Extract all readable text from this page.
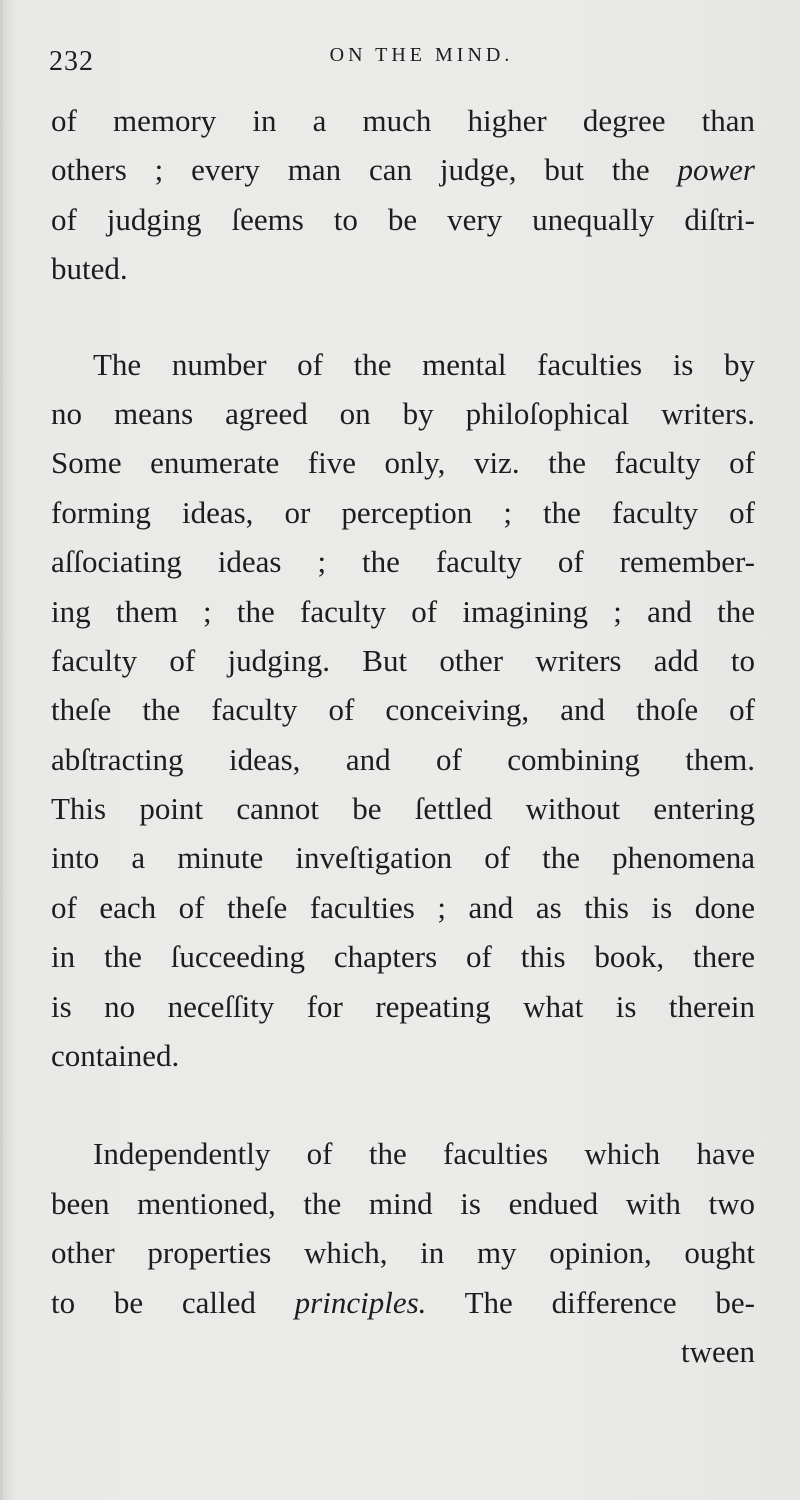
232	ON THE MIND.
of memory in a much higher degree than
others ; every man can judge, but the power
of judging ſeems to be very unequally diſtri-
buted.
The number of the mental faculties is by
no means agreed on by philoſophical writers.
Some enumerate five only, viz. the faculty of
forming ideas, or perception ; the faculty of
aſſociating ideas ; the faculty of remember-
ing them ; the faculty of imagining ; and the
faculty of judging. But other writers add to
theſe the faculty of conceiving, and thoſe of
abſtracting ideas, and of combining them.
This point cannot be ſettled without entering
into a minute inveſtigation of the phenomena
of each of theſe faculties ; and as this is done
in the ſucceeding chapters of this book, there
is no neceſſity for repeating what is therein
contained.
Independently of the faculties which have
been mentioned, the mind is endued with two
other properties which, in my opinion, ought
to be called principles. The difference be-
tween
